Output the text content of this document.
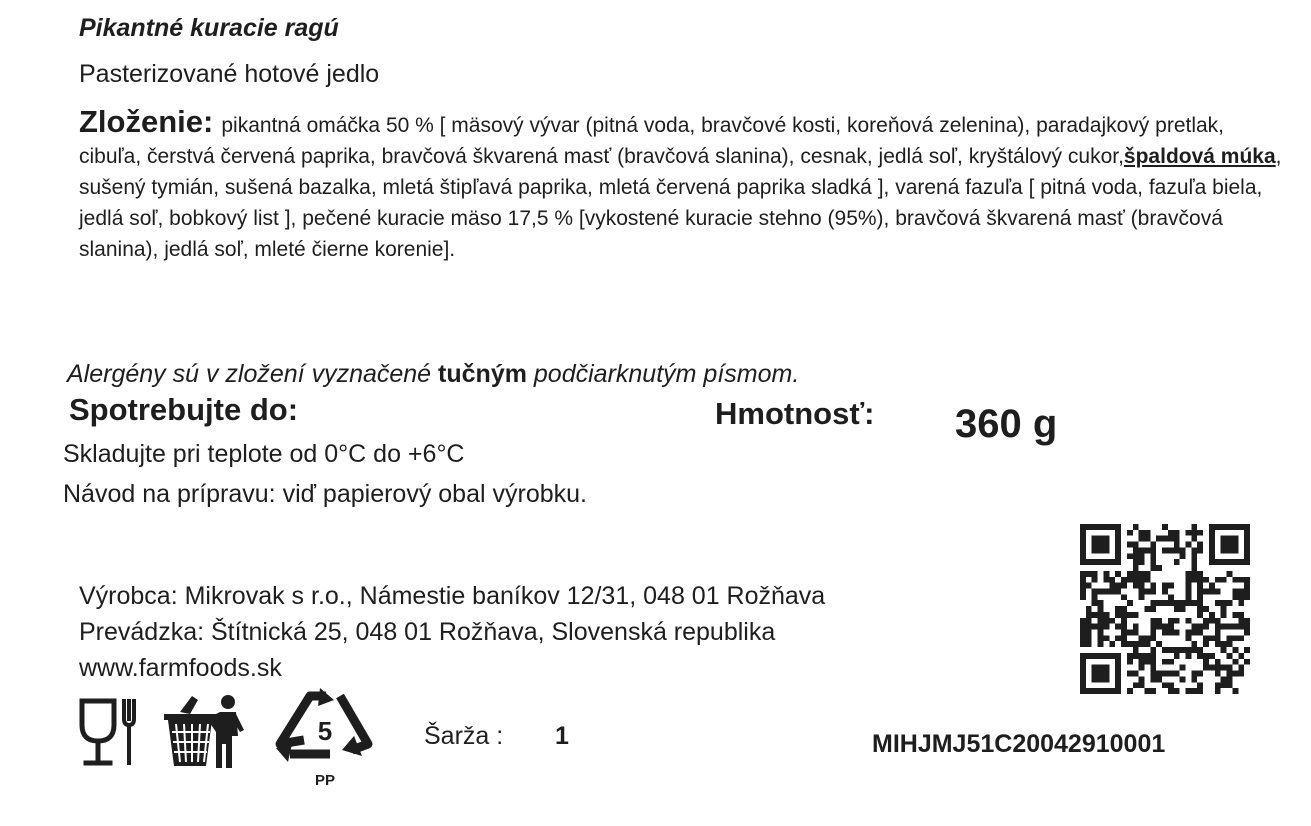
Pikantné kuracie ragú
Pasterizované hotové jedlo
Zloženie: pikantná omáčka 50 % [ mäsový vývar (pitná voda, bravčové kosti, koreňová zelenina), paradajkový pretlak, cibuľa, čerstvá červená paprika, bravčová škvarená masť (bravčová slanina), cesnak, jedlá soľ, kryštálový cukor,špaldová múka, sušený tymián, sušená bazalka, mletá štipľavá paprika, mletá červená paprika sladká ], varená fazuľa [ pitná voda, fazuľa biela, jedlá soľ, bobkový list ], pečené kuracie mäso 17,5 % [vykostené kuracie stehno (95%), bravčová škvarená masť (bravčová slanina), jedlá soľ, mleté čierne korenie].
Alergény sú v zložení vyznačené tučným podčiarknutým písmom.
Spotrebujte do:	Hmotnosť: 360 g
Skladujte pri teplote od 0°C do +6°C
Návod na prípravu: viď papierový obal výrobku.
Výrobca: Mikrovak s r.o., Námestie baníkov 12/31, 048 01 Rožňava
Prevádzka: Štítnická 25, 048 01 Rožňava, Slovenská republika
www.farmfoods.sk
5
PP
Šarža : 1	MIHJMJ51C20042910001
